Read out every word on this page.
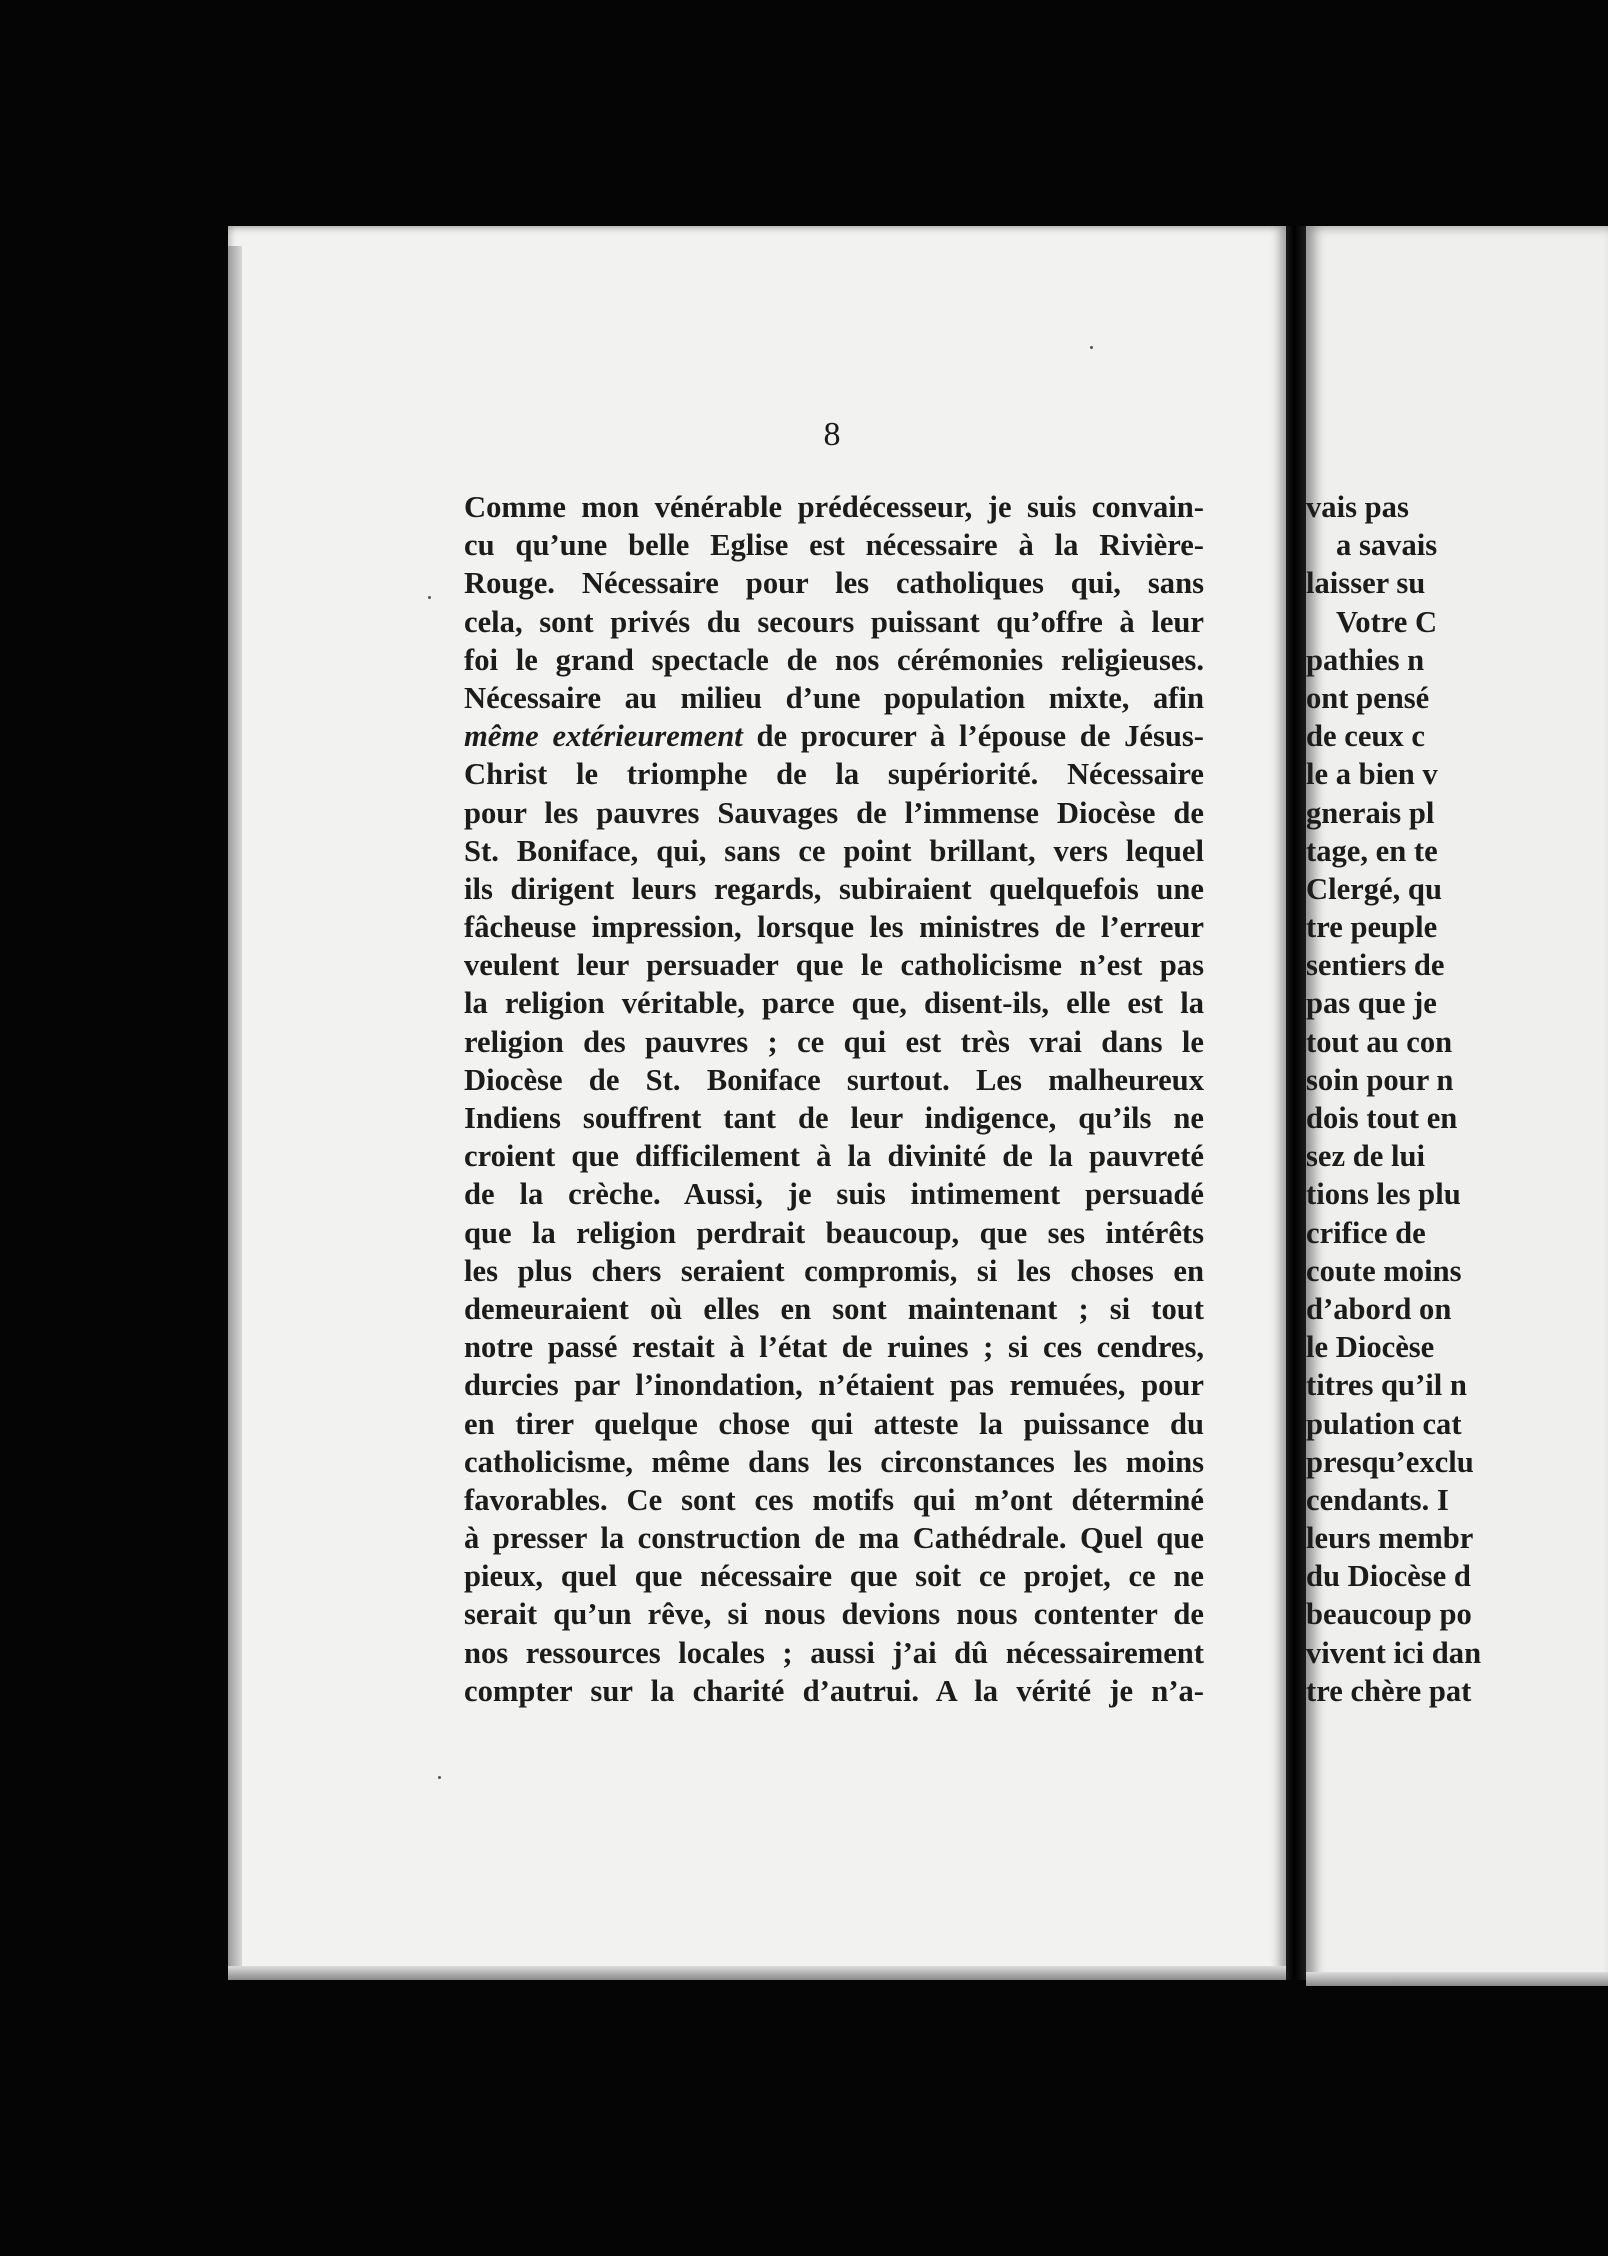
8
Comme mon vénérable prédécesseur, je suis convain-
cu qu’une belle Eglise est nécessaire à la Rivière-
Rouge. Nécessaire pour les catholiques qui, sans
cela, sont privés du secours puissant qu’offre à leur
foi le grand spectacle de nos cérémonies religieuses.
Nécessaire au milieu d’une population mixte, afin
même extérieurement de procurer à l’épouse de Jésus-
Christ le triomphe de la supériorité. Nécessaire
pour les pauvres Sauvages de l’immense Diocèse de
St. Boniface, qui, sans ce point brillant, vers lequel
ils dirigent leurs regards, subiraient quelquefois une
fâcheuse impression, lorsque les ministres de l’erreur
veulent leur persuader que le catholicisme n’est pas
la religion véritable, parce que, disent-ils, elle est la
religion des pauvres ; ce qui est très vrai dans le
Diocèse de St. Boniface surtout. Les malheureux
Indiens souffrent tant de leur indigence, qu’ils ne
croient que difficilement à la divinité de la pauvreté
de la crèche. Aussi, je suis intimement persuadé
que la religion perdrait beaucoup, que ses intérêts
les plus chers seraient compromis, si les choses en
demeuraient où elles en sont maintenant ; si tout
notre passé restait à l’état de ruines ; si ces cendres,
durcies par l’inondation, n’étaient pas remuées, pour
en tirer quelque chose qui atteste la puissance du
catholicisme, même dans les circonstances les moins
favorables. Ce sont ces motifs qui m’ont déterminé
à presser la construction de ma Cathédrale. Quel que
pieux, quel que nécessaire que soit ce projet, ce ne
serait qu’un rêve, si nous devions nous contenter de
nos ressources locales ; aussi j’ai dû nécessairement
compter sur la charité d’autrui. A la vérité je n’a-
vais pas
a savais
laisser su
Votre C
pathies n
ont pensé
de ceux c
le a bien v
gnerais pl
tage, en te
Clergé, qu
tre peuple
sentiers de
pas que je
tout au con
soin pour n
dois tout en
sez de lui
tions les plu
crifice de
coute moins
d’abord on
le Diocèse
titres qu’il n
pulation cat
presqu’exclu
cendants. I
leurs membr
du Diocèse d
beaucoup po
vivent ici dan
tre chère pat
